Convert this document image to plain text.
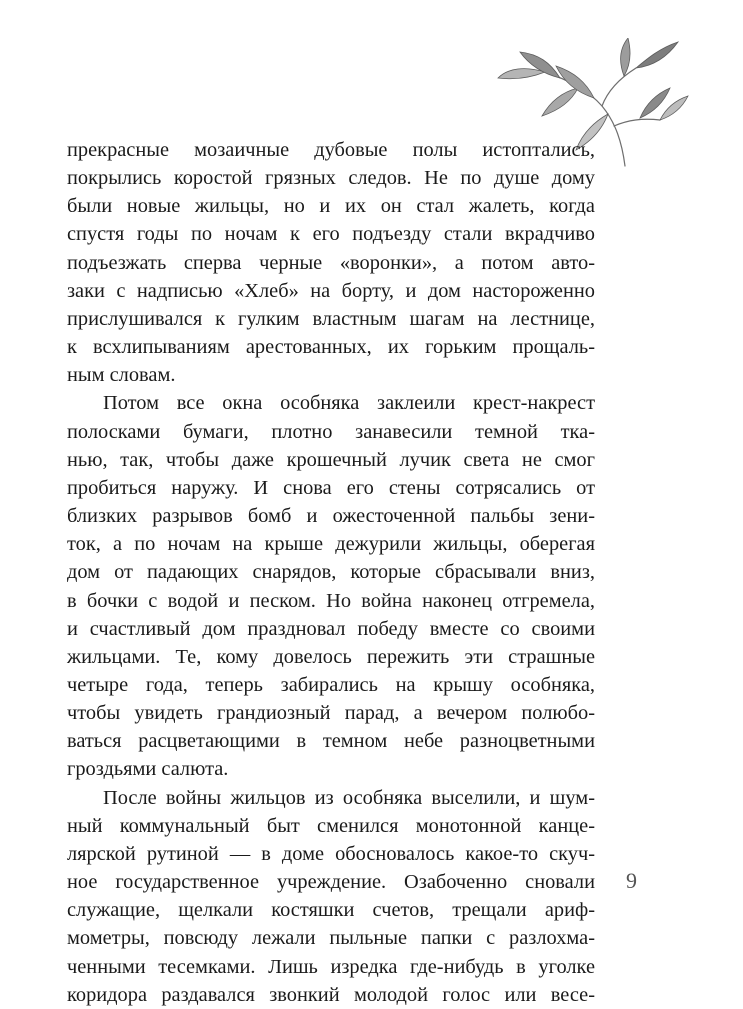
прекрасные мозаичные дубовые полы истоптались,
покрылись коростой грязных следов. Не по душе дому
были новые жильцы, но и их он стал жалеть, когда
спустя годы по ночам к его подъезду стали вкрадчиво
подъезжать сперва черные «воронки», а потом авто-
заки с надписью «Хлеб» на борту, и дом настороженно
прислушивался к гулким властным шагам на лестнице,
к всхлипываниям арестованных, их горьким прощаль-
ным словам.
Потом все окна особняка заклеили крест-накрест
полосками бумаги, плотно занавесили темной тка-
нью, так, чтобы даже крошечный лучик света не смог
пробиться наружу. И снова его стены сотрясались от
близких разрывов бомб и ожесточенной пальбы зени-
ток, а по ночам на крыше дежурили жильцы, оберегая
дом от падающих снарядов, которые сбрасывали вниз,
в бочки с водой и песком. Но война наконец отгремела,
и счастливый дом праздновал победу вместе со своими
жильцами. Те, кому довелось пережить эти страшные
четыре года, теперь забирались на крышу особняка,
чтобы увидеть грандиозный парад, а вечером полюбо-
ваться расцветающими в темном небе разноцветными
гроздьями салюта.
После войны жильцов из особняка выселили, и шум-
ный коммунальный быт сменился монотонной канце-
лярской рутиной — в доме обосновалось какое-то скуч-
ное государственное учреждение. Озабоченно сновали
служащие, щелкали костяшки счетов, трещали ариф-
мометры, повсюду лежали пыльные папки с разлохма-
ченными тесемками. Лишь изредка где-нибудь в уголке
коридора раздавался звонкий молодой голос или весе-
9
